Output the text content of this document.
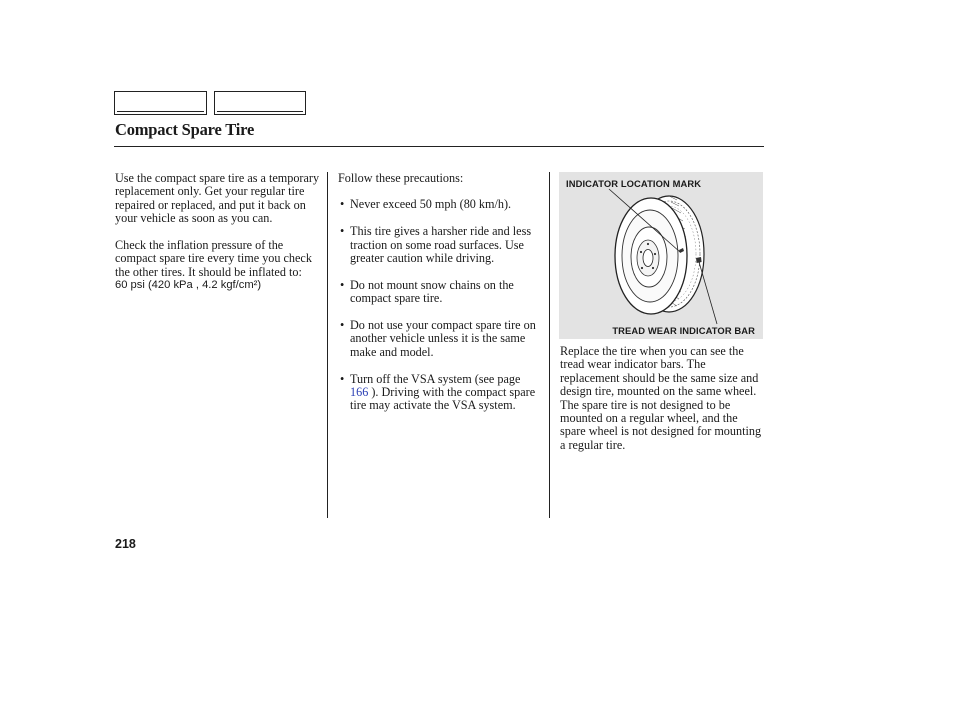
Compact Spare Tire

Use the compact spare tire as a temporary replacement only. Get your regular tire repaired or replaced, and put it back on your vehicle as soon as you can.

Check the inflation pressure of the compact spare tire every time you check the other tires. It should be inflated to:

60 psi (420 kPa , 4.2 kgf/cm²)

Follow these precautions:

• Never exceed 50 mph (80 km/h).
• This tire gives a harsher ride and less traction on some road surfaces. Use greater caution while driving.
• Do not mount snow chains on the compact spare tire.
• Do not use your compact spare tire on another vehicle unless it is the same make and model.
• Turn off the VSA system (see page 166 ). Driving with the compact spare tire may activate the VSA system.
INDICATOR LOCATION MARK
TREAD WEAR INDICATOR BAR

Replace the tire when you can see the tread wear indicator bars. The replacement should be the same size and design tire, mounted on the same wheel. The spare tire is not designed to be mounted on a regular wheel, and the spare wheel is not designed for mounting a regular tire.

218
